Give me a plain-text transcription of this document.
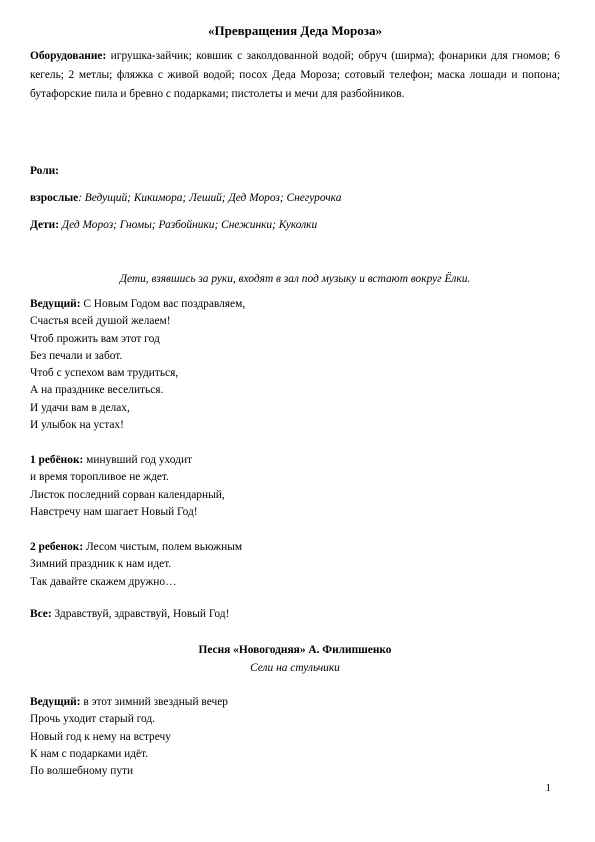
«Превращения Деда Мороза»
Оборудование: игрушка-зайчик; ковшик с заколдованной водой; обруч (ширма); фонарики для гномов; 6 кегель; 2 метлы; фляжка с живой водой; посох Деда Мороза; сотовый телефон; маска лошади и попона; бутафорские пила и бревно с подарками; пистолеты и мечи для разбойников.
Роли:
взрослые: Ведущий; Кикимора; Леший; Дед Мороз; Снегурочка
Дети: Дед Мороз; Гномы; Разбойники; Снежинки; Куколки
Дети, взявшись за руки, входят в зал под музыку и встают вокруг Ёлки.
Ведущий: С Новым Годом вас поздравляем,
Счастья всей душой желаем!
Чтоб прожить вам этот год
Без печали и забот.
Чтоб с успехом вам трудиться,
А на празднике веселиться.
И удачи вам в делах,
И улыбок на устах!
1 ребёнок: минувший год уходит
и время торопливое не ждет.
Листок последний сорван календарный,
Навстречу нам шагает Новый Год!
2 ребенок: Лесом чистым, полем вьюжным
Зимний праздник к нам идет.
Так давайте скажем дружно…
Все: Здравствуй, здравствуй, Новый Год!
Песня «Новогодняя» А. Филипшенко
Сели на стульчики
Ведущий: в этот зимний звездный вечер
Прочь уходит старый год.
Новый год к нему на встречу
К нам с подарками идёт.
По волшебному пути
1
